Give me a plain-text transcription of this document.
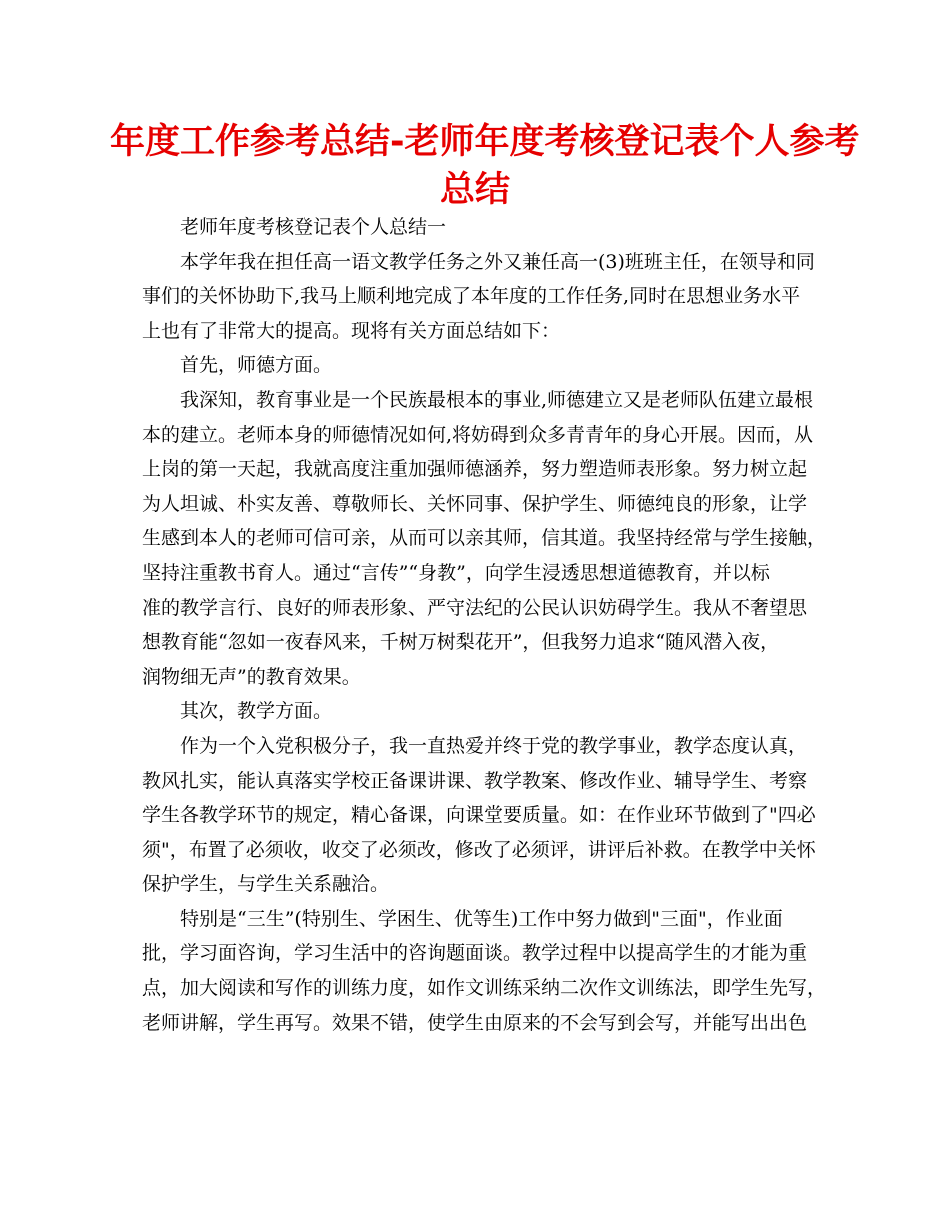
年度工作参考总结-老师年度考核登记表个人参考
总结
老师年度考核登记表个人总结一
本学年我在担任高一语文教学任务之外又兼任高一(3)班班主任，在领导和同
事们的关怀协助下,我马上顺利地完成了本年度的工作任务,同时在思想业务水平
上也有了非常大的提高。现将有关方面总结如下：
首先，师德方面。
我深知，教育事业是一个民族最根本的事业,师德建立又是老师队伍建立最根
本的建立。老师本身的师德情况如何,将妨碍到众多青青年的身心开展。因而，从
上岗的第一天起，我就高度注重加强师德涵养，努力塑造师表形象。努力树立起
为人坦诚、朴实友善、尊敬师长、关怀同事、保护学生、师德纯良的形象，让学
生感到本人的老师可信可亲，从而可以亲其师，信其道。我坚持经常与学生接触，
坚持注重教书育人。通过“言传”“身教”，向学生浸透思想道德教育，并以标
准的教学言行、良好的师表形象、严守法纪的公民认识妨碍学生。我从不奢望思
想教育能“忽如一夜春风来，千树万树梨花开”，但我努力追求“随风潜入夜，
润物细无声”的教育效果。
其次，教学方面。
作为一个入党积极分子，我一直热爱并终于党的教学事业，教学态度认真，
教风扎实，能认真落实学校正备课讲课、教学教案、修改作业、辅导学生、考察
学生各教学环节的规定，精心备课，向课堂要质量。如：在作业环节做到了"四必
须"，布置了必须收，收交了必须改，修改了必须评，讲评后补救。在教学中关怀
保护学生，与学生关系融洽。
特别是“三生”(特别生、学困生、优等生)工作中努力做到"三面"，作业面
批，学习面咨询，学习生活中的咨询题面谈。教学过程中以提高学生的才能为重
点，加大阅读和写作的训练力度，如作文训练采纳二次作文训练法，即学生先写，
老师讲解，学生再写。效果不错，使学生由原来的不会写到会写，并能写出出色
